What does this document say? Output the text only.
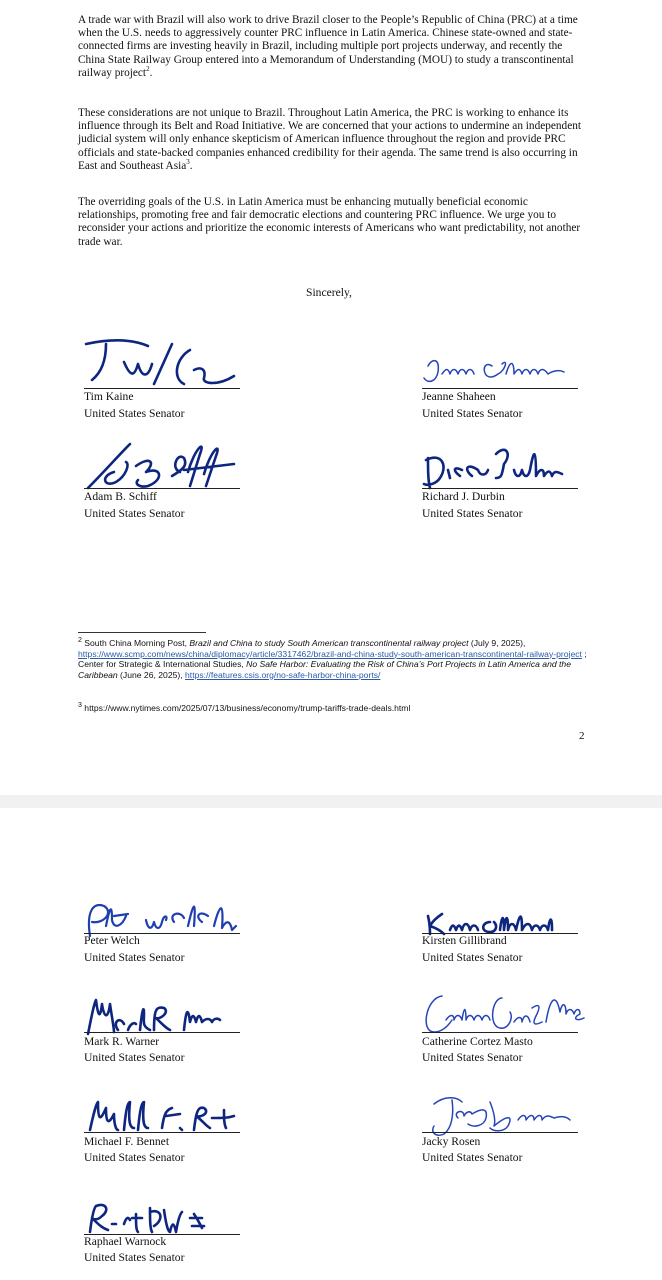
A trade war with Brazil will also work to drive Brazil closer to the People’s Republic of China (PRC) at a time when the U.S. needs to aggressively counter PRC influence in Latin America. Chinese state-owned and state-connected firms are investing heavily in Brazil, including multiple port projects underway, and recently the China State Railway Group entered into a Memorandum of Understanding (MOU) to study a transcontinental railway project$^2$.

These considerations are not unique to Brazil. Throughout Latin America, the PRC is working to enhance its influence through its Belt and Road Initiative. We are concerned that your actions to undermine an independent judicial system will only enhance skepticism of American influence throughout the region and provide PRC officials and state-backed companies enhanced credibility for their agenda. The same trend is also occurring in East and Southeast Asia$^3$.

The overriding goals of the U.S. in Latin America must be enhancing mutually beneficial economic relationships, promoting free and fair democratic elections and countering PRC influence. We urge you to reconsider your actions and prioritize the economic interests of Americans who want predictability, not another trade war.

Sincerely,
Tim Kaine
United States Senator
Jeanne Shaheen
United States Senator
Adam B. Schiff
United States Senator
Richard J. Durbin
United States Senator
$^2$ South China Morning Post, Brazil and China to study South American transcontinental railway project (July 9, 2025), https://www.scmp.com/news/china/diplomacy/article/3317462/brazil-and-china-study-south-american-transcontinental-railway-project ; Center for Strategic & International Studies, No Safe Harbor: Evaluating the Risk of China’s Port Projects in Latin America and the Caribbean (June 26, 2025), https://features.csis.org/no-safe-harbor-china-ports/
$^3$ https://www.nytimes.com/2025/07/13/business/economy/trump-tariffs-trade-deals.html
2
Peter Welch
United States Senator
Kirsten Gillibrand
United States Senator
Mark R. Warner
United States Senator
Catherine Cortez Masto
United States Senator
Michael F. Bennet
United States Senator
Jacky Rosen
United States Senator
Raphael Warnock
United States Senator
